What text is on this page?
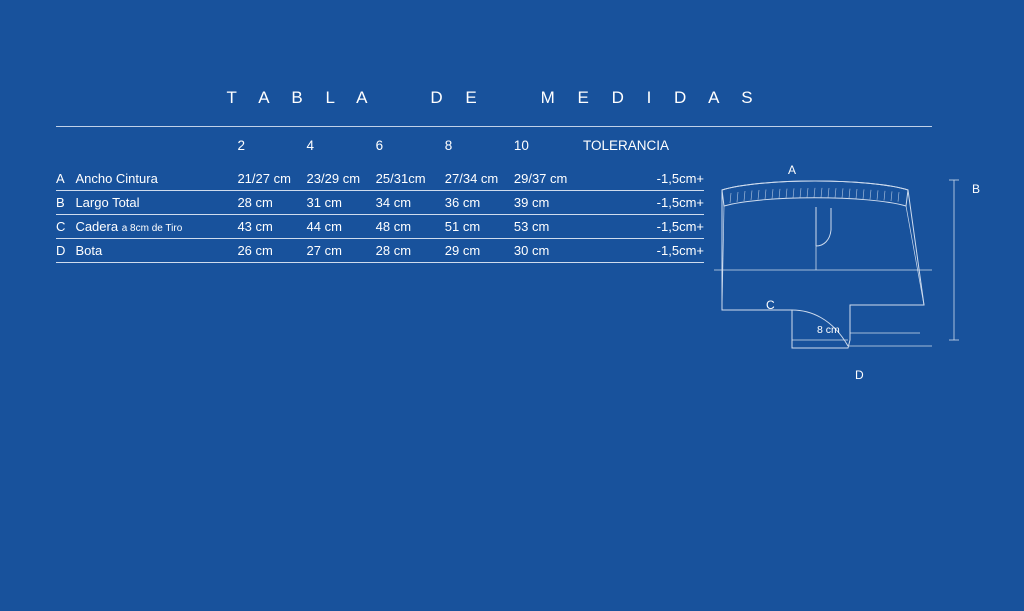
T A B L A    D E    M E D I D A S
		2	4	6	8	10	TOLERANCIA
A	Ancho Cintura	21/27 cm	23/29 cm	25/31cm	27/34 cm	29/37 cm	-1,5cm+
B	Largo Total	28 cm	31 cm	34 cm	36 cm	39 cm	-1,5cm+
C	Cadera a 8cm de Tiro	43 cm	44 cm	48 cm	51 cm	53 cm	-1,5cm+
D	Bota	26 cm	27 cm	28 cm	29 cm	30 cm	-1,5cm+
A
B
C
D
8 cm
